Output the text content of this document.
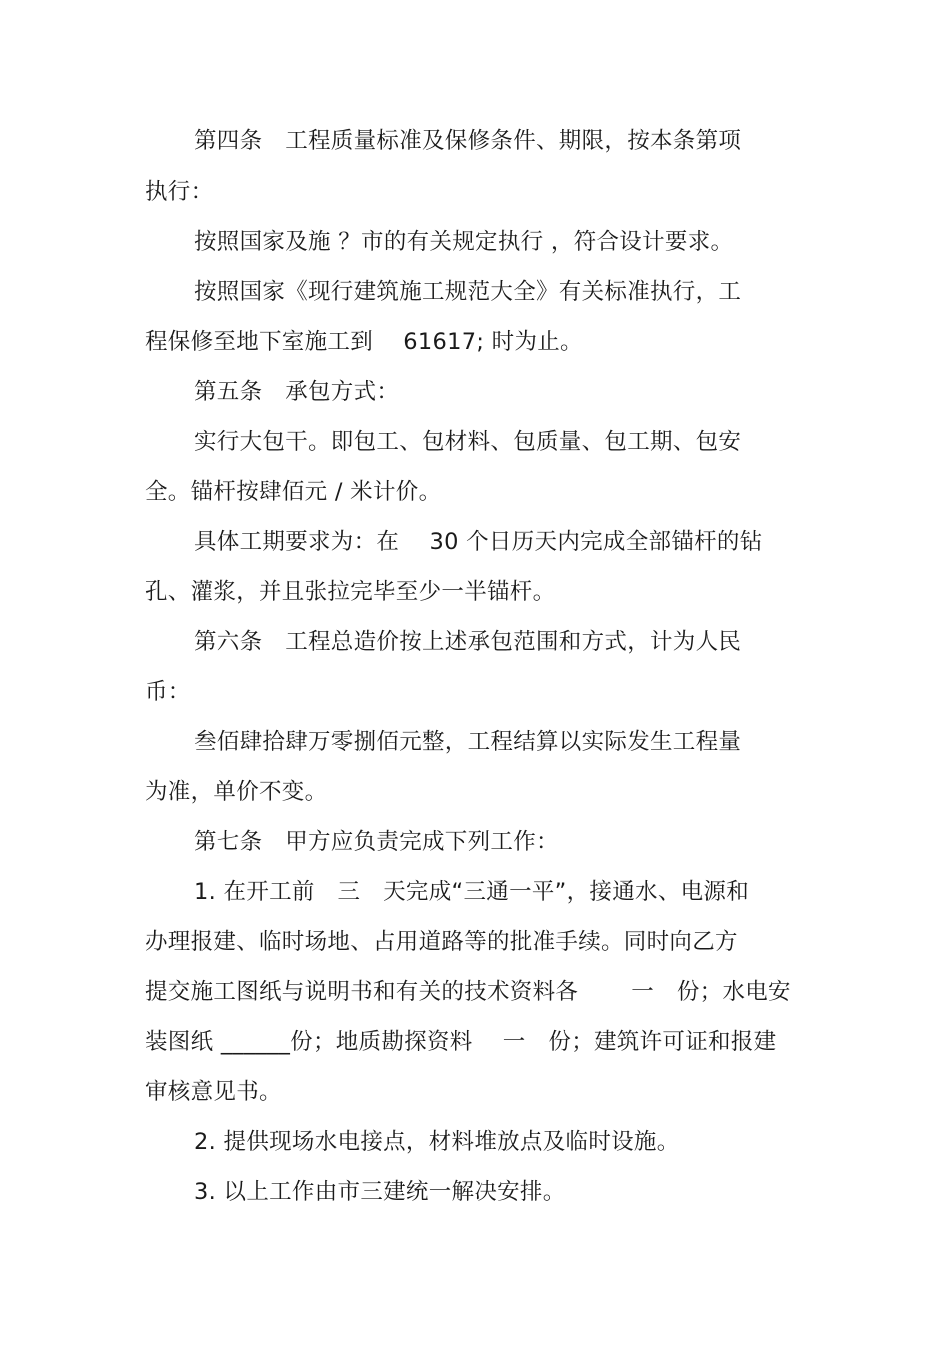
第四条　工程质量标准及保修条件、期限，按本条第项
执行：
按照国家及施 ？市的有关规定执行 ，符合设计要求。
按照国家《现行建筑施工规范大全》有关标准执行，工
程保修至地下室施工到　 61617; 时为止。
第五条　承包方式：
实行大包干。即包工、包材料、包质量、包工期、包安
全。锚杆按肆佰元 / 米计价。
具体工期要求为：在　 30 个日历天内完成全部锚杆的钻
孔、灌浆，并且张拉完毕至少一半锚杆。
第六条　工程总造价按上述承包范围和方式，计为人民
币：
叁佰肆拾肆万零捌佰元整，工程结算以实际发生工程量
为准，单价不变。
第七条　甲方应负责完成下列工作：
1. 在开工前　三　天完成“三通一平”，接通水、电源和
办理报建、临时场地、占用道路等的批准手续。同时向乙方
提交施工图纸与说明书和有关的技术资料各　　 一　份；水电安
装图纸 ______份；地质勘探资料　 一　份；建筑许可证和报建
审核意见书。
2. 提供现场水电接点，材料堆放点及临时设施。
3. 以上工作由市三建统一解决安排。
